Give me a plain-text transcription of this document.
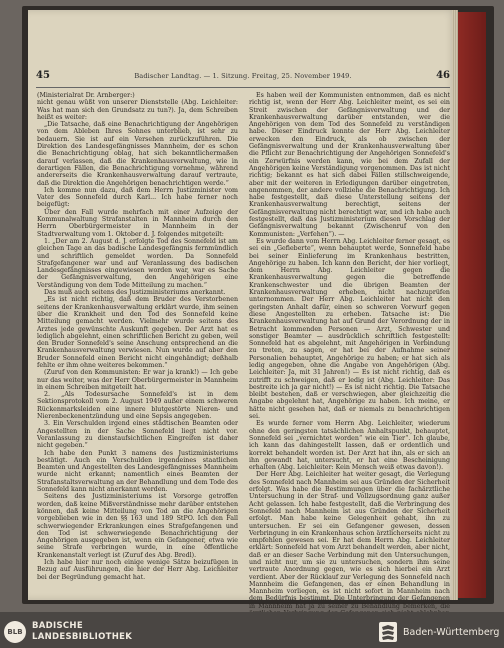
45	Badischer Landtag. — 1. Sitzung. Freitag, 25. November 1949.	46

(Ministerialrat Dr. Arnberger:)

nicht genau wüßt von unserer Dienststelle (Abg. Leichleiter: Was hat man sich den Grundsatz zu tun?). Ja, dem Schreiben heißt es weiter:

„Die Tatsache, daß eine Benachrichtigung der Angehörigen von dem Ableben Ihres Sohnes unterblieb, ist sehr zu bedauern. Sie ist auf ein Versehen zurückzuführen. Die Direktion des Landesgefängnisses Mannheim, der es schon die Benachrichtigung oblag, hat sich bekanntlichermaßen darauf verlassen, daß die Krankenhausverwaltung, wie in derartigen Fällen, die Benachrichtigung vornehme, während andererseits die Krankenhausverwaltung darauf vertraute, daß die Direktion die Angehörigen benachrichtigen werde.“

Ich komme nun dazu, daß dem Herrn Justizminister vom Vater des Sonnefeld durch Karl... Ich habe ferner noch beigefügt:

Über den Fall wurde mehrfach mit einer Aufzeige der Kommunalwaltung Strafanstalten in Mannheim durch den Herrn Oberbürgermeister in Mannheim in der Stadtverwaltung vom 1. Oktober d. J. folgendes mitgeteilt:

1. „Der am 2. August d. J. erfolgte Tod des Sonnefeld ist am gleichen Tage an das badische Landesgefängnis fernmündlich und schriftlich gemeldet worden. Da Sonnefeld Strafgefangener war und auf Veranlassung des badischen Landesgefängnisses eingewiesen worden war, war es Sache der Gefängnisverwaltung, den Angehörigen eine Verständigung von dem Tode Mitteilung zu machen.“

Das muß auch seitens des Justizministeriums anerkannt.

„Es ist nicht richtig, daß dem Bruder des Verstorbenen seitens der Krankenhausverwaltung erklärt wurde, ihm seinen über die Krankheit und den Tod des Sonnefeld keine Mitteilung gemacht werden. Vielmehr wurde seitens des Arztes jede gewünschte Auskunft gegeben. Der Arzt hat es lediglich abgelehnt, einen schriftlichen Bericht zu geben, weil den Bruder Sonnefeld's seine Anschung entsprechend an die Krankenhausverwaltung verwiesen. Nun wurde auf aber den Bruder Sonnefeld einen Bericht nicht eingehändigt; deßhalb fehlte er ihm ohne weiteres bekommen.“

(Zuruf von den Kommunisten: Er war ja krank!) — Ich gebe nur das weiter, was der Herr Oberbürgermeister in Mannheim in einem Schreiben mitgeteilt hat.

2. „Als Todesursache Sonnefeld's ist in dem Sektionsprotokoll vom 2. August 1949 außer einem schweren Rückenmarksleiden eine innere blutgestörte Nieren- und Nierenbeckenentzündung und eine Sepsis angegeben.

3. Ein Verschulden irgend eines städtischen Beamten oder Angestellten in der Sache Sonnefeld liegt nicht vor. Veranlassung zu dienstaufsichtlichen Eingreifen ist daher nicht gegeben.“

Ich habe den Punkt 3 namens des Justizministeriums bestätigt. Auch ein Verschulden irgendeines staatlichen Beamten und Angestellten des Landesgefängnisses Mannheim wurde nicht erkannt; namentlich eines Beamten der Strafanstaltsverwaltung an der Behandlung und dem Tode des Sonnefeld kann nicht anerkannt werden.

Seitens des Justizministeriums ist Vorsorge getroffen worden, daß keine Mißverständnisse mehr darüber entstehen können, daß keine Mitteilung von Tod an die Angehörigen vorgeblieben wie in den §§ 163 und 189 StPO. Ich den Fall schwerwiegender Erkrankungen eines Strafgefangenen und den Tod ist schwerwiegende Benachrichtigung der Angehörigen ausgegeben ist, wenn ein Gefangener, etwa wie seine Strafe verbringen wurde, in eine öffentliche Krankenanstalt verlegt ist (Zuruf des Abg. Bredl).

Ich habe hier nur noch einige wenige Sätze beizufügen in Bezug auf Ausführungen, die hier der Herr Abg. Leichleiter bei der Begründung gemacht hat.

Es haben weil der Kommunisten entnommen, daß es nicht richtig ist, wenn der Herr Abg. Leichleiter meint, es sei ein Streit zwischen der Gefängnisverwaltung und der Krankenhausverwaltung darüber entstanden, wer die Angehörigen von dem Tod des Sonnefeld zu verständigen habe. Dieser Eindruck konnte der Herr Abg. Leichleiter erwecken den Eindruck, als ob zwischen der Gefängnisverwaltung und der Krankenhausverwaltung über die Pflicht zur Benachrichtigung der Angehörigen Sonnefeld's ein Zerwürfnis werden kann, wie bei dem Zufall der Angehörigen keine Verständigung vorgenommen. Das ist nicht richtig; bekannt es hat sich dabei Fällen stillschweigende, aber mit der weiteren in Erledigungen darüber eingetreten, angenommen, der andere vollziehe die Benachrichtigung. Ich habe festgestellt, daß diese Unterstellung seitens der Krankenhausverwaltung berechtigt, seitens der Gefängnisverwaltung nicht berechtigt war, und ich habe auch festgestellt, daß das Justizministerium diesen Vorschlag der Gefängnisverwaltung bekannt (Zwischenruf von den Kommunisten: „Verfehen“). —

Es wurde dann vom Herrn Abg. Leichleiter ferner gesagt, es sei ein „Gefieberte“, wenn behauptet werde, Sonnefeld habe bei seiner Einlieferung im Krankenhaus bestritten, Angehörige zu haben. Ich kann den Bericht, der hier vorliegt, dem Herrn Abg. Leichleiter gegen die Krankenhausverwaltung gegen die betreffende Krankenschwester und die übrigen Beamten der Krankenhausverwaltung erheben, nicht nachzuprüfen unternommen. Der Herr Abg. Leichleiter hat nicht den geringsten Anhalt dafür, einen so schweren Vorwurf gegen diese Angestellten zu erheben. Tatsache ist: Die Krankenhausverwaltung hat auf Grund der Verordnung der in Betracht kommenden Personen — Arzt, Schwester und sonstiger Beamter — ausdrücklich schriftlich festgestellt: Sonnefeld hat es abgelehnt, mit Angehörigen in Verbindung zu treten, zu sagen, er hat bei der Aufnahme seiner Personalien behauptet, Angehörige zu haben; er hat sich als ledig angegeben, ohne die Angabe von Angehörigen (Abg. Leichleiter: Ja, mit 31 Jahren!) — Es ist nicht richtig, daß es zutrifft zu schweigen, daß er ledig ist (Abg. Leichleiter: Das bestreite ich ja gar nicht!) — Es ist nicht richtig. Die Tatsache bleibt bestehen, daß er verschwiegen, aber gleichzeitig die Angabe abgelehnt hat, Angehörige zu haben. Ich meine, er hätte nicht gesehen hat, daß er niemals zu benachrichtigen sei.

Es wurde ferner vom Herrn Abg. Leichleiter, wiederum ohne den geringsten tatsächlichen Anhaltspunkt, behauptet, Sonnefeld sei „vernichtet worden“ wie ein Tier“. Ich glaube, ich kann das dahingestellt lassen, daß er ordentlich und korrekt behandelt worden ist. Der Arzt hat ihn, als er sich an ihn gewandt hat, untersucht, er hat eine Bescheinigung erhalten (Abg. Leichleiter: Kein Mensch weiß etwas davon!).

Der Herr Abg. Leichleiter hat weiter gesagt, die Verlegung des Sonnefeld nach Mannheim sei aus Gründen der Sicherheit erfolgt. Was habe die Bestimmungen über die fachärztliche Untersuchung in der Straf- und Vollzugsordnung ganz außer Acht gelassen. Ich habe festgestellt, daß die Verbringung des Sonnefeld nach Mannheim ist aus Gründen der Sicherheit erfolgt. Man habe keine Gelegenheit gehabt, ihn zu untersuchen. Er sei ein Gefangener gewesen, dessen Verbringung in ein Krankenhaus schon ärztlicherseits nicht zu empfehlen gewesen sei. Er hat dem Herrn Abg. Leichleiter erklärt: Sonnefeld hat vom Arzt behandelt werden, aber nicht, daß er an dieser Sache Verbindung mit den Untersuchungen, und nicht nur, um sie zu untersuchen, sondern ihm seine vertraute Anordnung gegen, wie es sich hierbei ein Arzt verdient. Aber der Rücklauf zur Verlegung des Sonnefeld nach Mannheim die Gefangenen, das er einen Behandlung in Mannheim vorliegen, es ist nicht sofort in Mannheim nach dem Bedürfnis bestimmt. Die Unterbringung der Gefangenen in Mannheim hat ja zu seiner zu Behandlung bemerken, die

BLB
BADISCHE
LANDESBIBLIOTHEK	Baden-Württemberg
